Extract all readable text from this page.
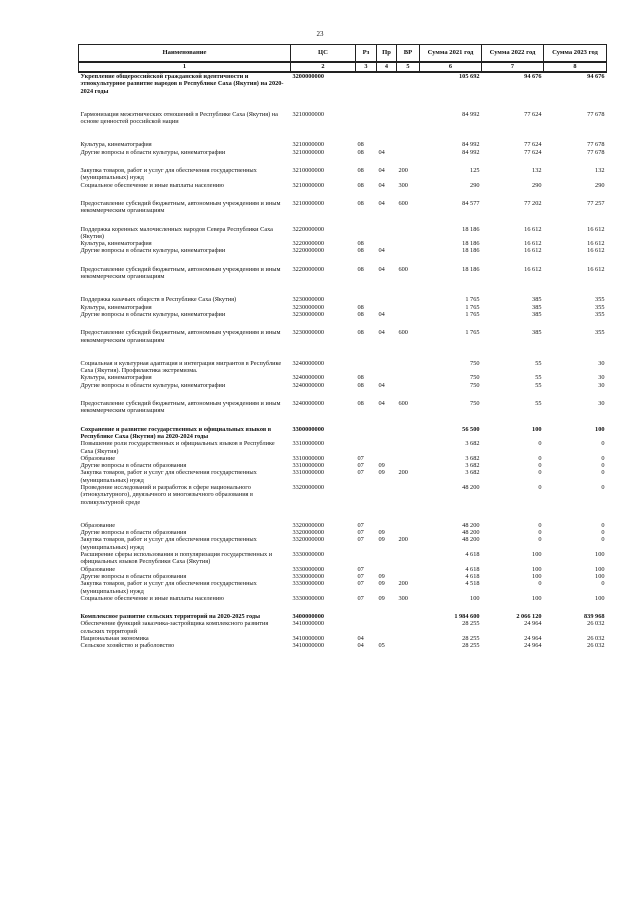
23
Наименование	ЦС	Рз	Пр	ВР	Сумма 2021 год	Сумма 2022 год	Сумма 2023 год
1	2	3	4	5	6	7	8
Укрепление общероссийской гражданской идентичности и этнокультурное развитие народов в Республике Саха (Якутия) на 2020-2024 годы	3200000000				105 692	94 676	94 676
Гармонизация межэтнических отношений в Республике Саха (Якутия) на основе ценностей российской нации	3210000000				84 992	77 624	77 678
Культура, кинематография	3210000000	08			84 992	77 624	77 678
Другие вопросы в области культуры, кинематографии	3210000000	08	04		84 992	77 624	77 678
Закупка товаров, работ и услуг для обеспечения государственных (муниципальных) нужд	3210000000	08	04	200	125	132	132
Социальное обеспечение и иные выплаты населению	3210000000	08	04	300	290	290	290
Предоставление субсидий бюджетным, автономным учреждениям и иным некоммерческим организациям	3210000000	08	04	600	84 577	77 202	77 257
Поддержка коренных малочисленных народов Севера Республики Саха (Якутия)	3220000000				18 186	16 612	16 612
Культура, кинематография	3220000000	08			18 186	16 612	16 612
Другие вопросы в области культуры, кинематографии	3220000000	08	04		18 186	16 612	16 612
Предоставление субсидий бюджетным, автономным учреждениям и иным некоммерческим организациям	3220000000	08	04	600	18 186	16 612	16 612
Поддержка казачьих обществ в Республике Саха (Якутия)	3230000000				1 765	385	355
Культура, кинематография	3230000000	08			1 765	385	355
Другие вопросы в области культуры, кинематографии	3230000000	08	04		1 765	385	355
Предоставление субсидий бюджетным, автономным учреждениям и иным некоммерческим организациям	3230000000	08	04	600	1 765	385	355
Социальная и культурная адаптация и интеграция мигрантов в Республике Саха (Якутия). Профилактика экстремизма.	3240000000				750	55	30
Культура, кинематография	3240000000	08			750	55	30
Другие вопросы в области культуры, кинематографии	3240000000	08	04		750	55	30
Предоставление субсидий бюджетным, автономным учреждениям и иным некоммерческим организациям	3240000000	08	04	600	750	55	30
Сохранение и развитие государственных и официальных языков в Республике Саха (Якутия) на 2020-2024 годы	3300000000				56 500	100	100
Повышение роли государственных и официальных языков в Республике Саха (Якутия)	3310000000				3 682	0	0
Образование	3310000000	07			3 682	0	0
Другие вопросы в области образования	3310000000	07	09		3 682	0	0
Закупка товаров, работ и услуг для обеспечения государственных (муниципальных) нужд	3310000000	07	09	200	3 682	0	0
Проведение исследований и разработок в сфере национального (этнокультурного), двуязычного и многоязычного образования в поликультурной среде	3320000000				48 200	0	0
Образование	3320000000	07			48 200	0	0
Другие вопросы в области образования	3320000000	07	09		48 200	0	0
Закупка товаров, работ и услуг для обеспечения государственных (муниципальных) нужд	3320000000	07	09	200	48 200	0	0
Расширение сферы использования и популяризация государственных и официальных языков Республики Саха (Якутия)	3330000000				4 618	100	100
Образование	3330000000	07			4 618	100	100
Другие вопросы в области образования	3330000000	07	09		4 618	100	100
Закупка товаров, работ и услуг для обеспечения государственных (муниципальных) нужд	3330000000	07	09	200	4 518	0	0
Социальное обеспечение и иные выплаты населению	3330000000	07	09	300	100	100	100
Комплексное развитие сельских территорий на 2020-2025 годы	3400000000				1 984 600	2 066 120	839 968
Обеспечение функций заказчика-застройщика комплексного развития сельских территорий	3410000000				28 255	24 964	26 032
Национальная экономика	3410000000	04			28 255	24 964	26 032
Сельское хозяйство и рыболовство	3410000000	04	05		28 255	24 964	26 032
